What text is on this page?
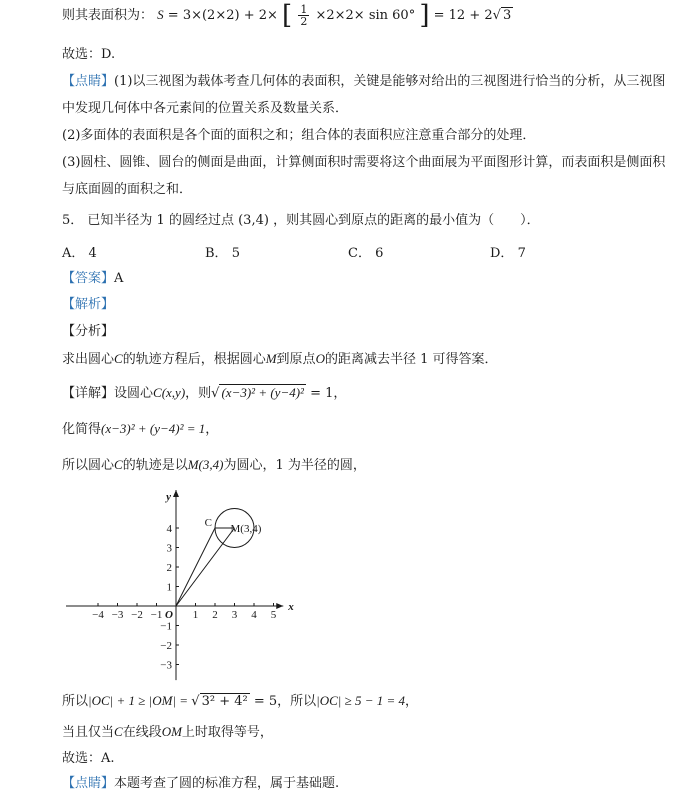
则其表面积为： S = 3×(2×2) + 2× [ $\frac{1}{2} \times 2\times 2\times \sin 60^\circ$ ] = 12 + 2√ 3
故选：D.
【点睛】(1)以三视图为载体考查几何体的表面积，关键是能够对给出的三视图进行恰当的分析，从三视图
中发现几何体中各元素间的位置关系及数量关系．
(2)多面体的表面积是各个面的面积之和；组合体的表面积应注意重合部分的处理．
(3)圆柱、圆锥、圆台的侧面是曲面，计算侧面积时需要将这个曲面展为平面图形计算，而表面积是侧面积
与底面圆的面积之和．
5． 已知半径为 1 的圆经过点 (3,4) ，则其圆心到原点的距离的最小值为（　　）．
A． 4	B． 5	C． 6	D． 7
【答案】A
【解析】
【分析】
求出圆心C的轨迹方程后，根据圆心M到原点O的距离减去半径 1 可得答案．
【详解】设圆心C(x,y)，则√ (x−3)² + (y−4)² = 1，
化简得(x−3)² + (y−4)² = 1，
所以圆心C的轨迹是以M(3,4)为圆心，1 为半径的圆，
−4 −3 −2 −1	1 2 3 4 5
4
3
2
1
−1
−2
−3
x
y
O
C M(3,4)
所以|OC| + 1 ≥ |OM| = √ 3² + 4² = 5，所以|OC| ≥ 5 − 1 = 4，
当且仅当C在线段OM上时取得等号，
故选：A.
【点睛】本题考查了圆的标准方程，属于基础题.
